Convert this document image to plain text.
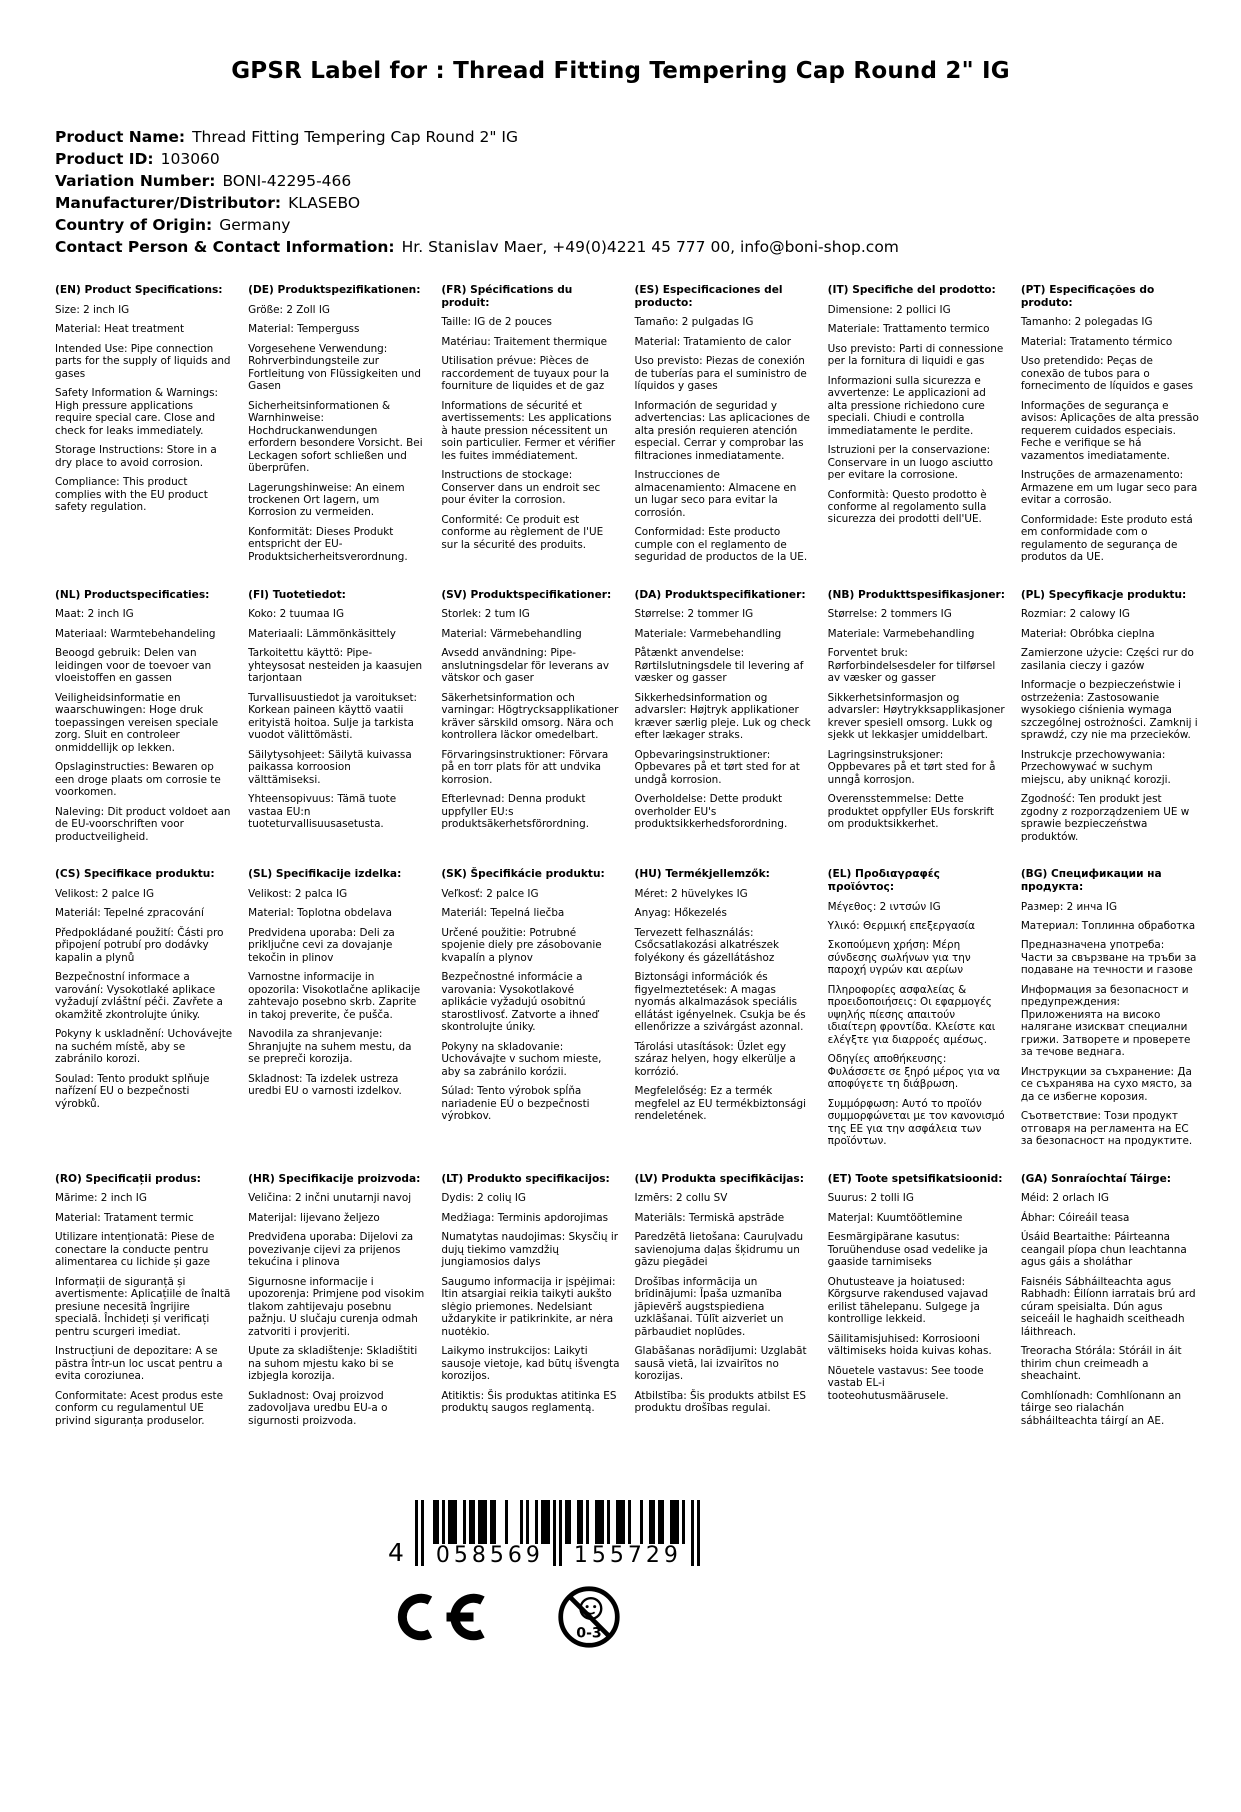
GPSR Label for : Thread Fitting Tempering Cap Round 2" IG
Product Name: Thread Fitting Tempering Cap Round 2" IG
Product ID: 103060
Variation Number: BONI-42295-466
Manufacturer/Distributor: KLASEBO
Country of Origin: Germany
Contact Person & Contact Information: Hr. Stanislav Maer, +49(0)4221 45 777 00, info@boni-shop.com

(EN) Product Specifications:

Size: 2 inch IG

Material: Heat treatment

Intended Use: Pipe connection parts for the supply of liquids and gases

Safety Information & Warnings: High pressure applications require special care. Close and check for leaks immediately.

Storage Instructions: Store in a dry place to avoid corrosion.

Compliance: This product complies with the EU product safety regulation.

(DE) Produktspezifikationen:

Größe: 2 Zoll IG

Material: Temperguss

Vorgesehene Verwendung: Rohrverbindungsteile zur Fortleitung von Flüssigkeiten und Gasen

Sicherheitsinformationen & Warnhinweise: Hochdruckanwendungen erfordern besondere Vorsicht. Bei Leckagen sofort schließen und überprüfen.

Lagerungshinweise: An einem trockenen Ort lagern, um Korrosion zu vermeiden.

Konformität: Dieses Produkt entspricht der EU-Produktsicherheitsverordnung.

(FR) Spécifications du produit:

Taille: IG de 2 pouces

Matériau: Traitement thermique

Utilisation prévue: Pièces de raccordement de tuyaux pour la fourniture de liquides et de gaz

Informations de sécurité et avertissements: Les applications à haute pression nécessitent un soin particulier. Fermer et vérifier les fuites immédiatement.

Instructions de stockage: Conserver dans un endroit sec pour éviter la corrosion.

Conformité: Ce produit est conforme au règlement de l'UE sur la sécurité des produits.

(ES) Especificaciones del producto:

Tamaño: 2 pulgadas IG

Material: Tratamiento de calor

Uso previsto: Piezas de conexión de tuberías para el suministro de líquidos y gases

Información de seguridad y advertencias: Las aplicaciones de alta presión requieren atención especial. Cerrar y comprobar las filtraciones inmediatamente.

Instrucciones de almacenamiento: Almacene en un lugar seco para evitar la corrosión.

Conformidad: Este producto cumple con el reglamento de seguridad de productos de la UE.

(IT) Specifiche del prodotto:

Dimensione: 2 pollici IG

Materiale: Trattamento termico

Uso previsto: Parti di connessione per la fornitura di liquidi e gas

Informazioni sulla sicurezza e avvertenze: Le applicazioni ad alta pressione richiedono cure speciali. Chiudi e controlla immediatamente le perdite.

Istruzioni per la conservazione: Conservare in un luogo asciutto per evitare la corrosione.

Conformità: Questo prodotto è conforme al regolamento sulla sicurezza dei prodotti dell'UE.

(PT) Especificações do produto:

Tamanho: 2 polegadas IG

Material: Tratamento térmico

Uso pretendido: Peças de conexão de tubos para o fornecimento de líquidos e gases

Informações de segurança e avisos: Aplicações de alta pressão requerem cuidados especiais. Feche e verifique se há vazamentos imediatamente.

Instruções de armazenamento: Armazene em um lugar seco para evitar a corrosão.

Conformidade: Este produto está em conformidade com o regulamento de segurança de produtos da UE.

(NL) Productspecificaties:

Maat: 2 inch IG

Materiaal: Warmtebehandeling

Beoogd gebruik: Delen van leidingen voor de toevoer van vloeistoffen en gassen

Veiligheidsinformatie en waarschuwingen: Hoge druk toepassingen vereisen speciale zorg. Sluit en controleer onmiddellijk op lekken.

Opslaginstructies: Bewaren op een droge plaats om corrosie te voorkomen.

Naleving: Dit product voldoet aan de EU-voorschriften voor productveiligheid.

(FI) Tuotetiedot:

Koko: 2 tuumaa IG

Materiaali: Lämmönkäsittely

Tarkoitettu käyttö: Pipe-yhteysosat nesteiden ja kaasujen tarjontaan

Turvallisuustiedot ja varoitukset: Korkean paineen käyttö vaatii erityistä hoitoa. Sulje ja tarkista vuodot välittömästi.

Säilytysohjeet: Säilytä kuivassa paikassa korroosion välttämiseksi.

Yhteensopivuus: Tämä tuote vastaa EU:n tuoteturvallisuusasetusta.

(SV) Produktspecifikationer:

Storlek: 2 tum IG

Material: Värmebehandling

Avsedd användning: Pipe-anslutningsdelar för leverans av vätskor och gaser

Säkerhetsinformation och varningar: Högtrycksapplikationer kräver särskild omsorg. Nära och kontrollera läckor omedelbart.

Förvaringsinstruktioner: Förvara på en torr plats för att undvika korrosion.

Efterlevnad: Denna produkt uppfyller EU:s produktsäkerhetsförordning.

(DA) Produktspecifikationer:

Størrelse: 2 tommer IG

Materiale: Varmebehandling

Påtænkt anvendelse: Rørtilslutningsdele til levering af væsker og gasser

Sikkerhedsinformation og advarsler: Højtryk applikationer kræver særlig pleje. Luk og check efter lækager straks.

Opbevaringsinstruktioner: Opbevares på et tørt sted for at undgå korrosion.

Overholdelse: Dette produkt overholder EU's produktsikkerhedsforordning.

(NB) Produkttspesifikasjoner:

Størrelse: 2 tommers IG

Materiale: Varmebehandling

Forventet bruk: Rørforbindelsesdeler for tilførsel av væsker og gasser

Sikkerhetsinformasjon og advarsler: Høytrykksapplikasjoner krever spesiell omsorg. Lukk og sjekk ut lekkasjer umiddelbart.

Lagringsinstruksjoner: Oppbevares på et tørt sted for å unngå korrosjon.

Overensstemmelse: Dette produktet oppfyller EUs forskrift om produktsikkerhet.

(PL) Specyfikacje produktu:

Rozmiar: 2 calowy IG

Materiał: Obróbka cieplna

Zamierzone użycie: Części rur do zasilania cieczy i gazów

Informacje o bezpieczeństwie i ostrzeżenia: Zastosowanie wysokiego ciśnienia wymaga szczególnej ostrożności. Zamknij i sprawdź, czy nie ma przecieków.

Instrukcje przechowywania: Przechowywać w suchym miejscu, aby uniknąć korozji.

Zgodność: Ten produkt jest zgodny z rozporządzeniem UE w sprawie bezpieczeństwa produktów.

(CS) Specifikace produktu:

Velikost: 2 palce IG

Materiál: Tepelné zpracování

Předpokládané použití: Části pro připojení potrubí pro dodávky kapalin a plynů

Bezpečnostní informace a varování: Vysokotlaké aplikace vyžadují zvláštní péči. Zavřete a okamžitě zkontrolujte úniky.

Pokyny k uskladnění: Uchovávejte na suchém místě, aby se zabránilo korozi.

Soulad: Tento produkt splňuje nařízení EU o bezpečnosti výrobků.

(SL) Specifikacije izdelka:

Velikost: 2 palca IG

Material: Toplotna obdelava

Predvidena uporaba: Deli za priključne cevi za dovajanje tekočin in plinov

Varnostne informacije in opozorila: Visokotlačne aplikacije zahtevajo posebno skrb. Zaprite in takoj preverite, če pušča.

Navodila za shranjevanje: Shranjujte na suhem mestu, da se prepreči korozija.

Skladnost: Ta izdelek ustreza uredbi EU o varnosti izdelkov.

(SK) Špecifikácie produktu:

Veľkosť: 2 palce IG

Materiál: Tepelná liečba

Určené použitie: Potrubné spojenie diely pre zásobovanie kvapalín a plynov

Bezpečnostné informácie a varovania: Vysokotlakové aplikácie vyžadujú osobitnú starostlivosť. Zatvorte a ihneď skontrolujte úniky.

Pokyny na skladovanie: Uchovávajte v suchom mieste, aby sa zabránilo korózii.

Súlad: Tento výrobok spĺňa nariadenie EÚ o bezpečnosti výrobkov.

(HU) Termékjellemzők:

Méret: 2 hüvelykes IG

Anyag: Hőkezelés

Tervezett felhasználás: Csőcsatlakozási alkatrészek folyékony és gázellátáshoz

Biztonsági információk és figyelmeztetések: A magas nyomás alkalmazások speciális ellátást igényelnek. Csukja be és ellenőrizze a szivárgást azonnal.

Tárolási utasítások: Üzlet egy száraz helyen, hogy elkerülje a korrózió.

Megfelelőség: Ez a termék megfelel az EU termékbiztonsági rendeletének.

(EL) Προδιαγραφές προϊόντος:

Μέγεθος: 2 ιντσών IG

Υλικό: Θερμική επεξεργασία

Σκοπούμενη χρήση: Μέρη σύνδεσης σωλήνων για την παροχή υγρών και αερίων

Πληροφορίες ασφαλείας & προειδοποιήσεις: Οι εφαρμογές υψηλής πίεσης απαιτούν ιδιαίτερη φροντίδα. Κλείστε και ελέγξτε για διαρροές αμέσως.

Οδηγίες αποθήκευσης: Φυλάσσετε σε ξηρό μέρος για να αποφύγετε τη διάβρωση.

Συμμόρφωση: Αυτό το προϊόν συμμορφώνεται με τον κανονισμό της ΕΕ για την ασφάλεια των προϊόντων.

(BG) Спецификации на продукта:

Размер: 2 инча IG

Материал: Топлинна обработка

Предназначена употреба: Части за свързване на тръби за подаване на течности и газове

Информация за безопасност и предупреждения: Приложенията на високо налягане изискват специални грижи. Затворете и проверете за течове веднага.

Инструкции за съхранение: Да се съхранява на сухо място, за да се избегне корозия.

Съответствие: Този продукт отговаря на регламента на ЕС за безопасност на продуктите.

(RO) Specificații produs:

Mărime: 2 inch IG

Material: Tratament termic

Utilizare intenționată: Piese de conectare la conducte pentru alimentarea cu lichide și gaze

Informații de siguranță și avertismente: Aplicațiile de înaltă presiune necesită îngrijire specială. Închideți și verificați pentru scurgeri imediat.

Instrucțiuni de depozitare: A se păstra într-un loc uscat pentru a evita coroziunea.

Conformitate: Acest produs este conform cu regulamentul UE privind siguranța produselor.

(HR) Specifikacije proizvoda:

Veličina: 2 inčni unutarnji navoj

Materijal: lijevano željezo

Predviđena uporaba: Dijelovi za povezivanje cijevi za prijenos tekućina i plinova

Sigurnosne informacije i upozorenja: Primjene pod visokim tlakom zahtijevaju posebnu pažnju. U slučaju curenja odmah zatvoriti i provjeriti.

Upute za skladištenje: Skladištiti na suhom mjestu kako bi se izbjegla korozija.

Sukladnost: Ovaj proizvod zadovoljava uredbu EU-a o sigurnosti proizvoda.

(LT) Produkto specifikacijos:

Dydis: 2 colių IG

Medžiaga: Terminis apdorojimas

Numatytas naudojimas: Skysčių ir dujų tiekimo vamzdžių jungiamosios dalys

Saugumo informacija ir įspėjimai: Itin atsargiai reikia taikyti aukšto slėgio priemones. Nedelsiant uždarykite ir patikrinkite, ar nėra nuotėkio.

Laikymo instrukcijos: Laikyti sausoje vietoje, kad būtų išvengta korozijos.

Atitiktis: Šis produktas atitinka ES produktų saugos reglamentą.

(LV) Produkta specifikācijas:

Izmērs: 2 collu SV

Materiāls: Termiskā apstrāde

Paredzētā lietošana: Cauruļvadu savienojuma daļas šķidrumu un gāzu piegādei

Drošības informācija un brīdinājumi: Īpaša uzmanība jāpievērš augstspiediena uzklāšanai. Tūlīt aizveriet un pārbaudiet noplūdes.

Glabāšanas norādījumi: Uzglabāt sausā vietā, lai izvairītos no korozijas.

Atbilstība: Šis produkts atbilst ES produktu drošības regulai.

(ET) Toote spetsifikatsioonid:

Suurus: 2 tolli IG

Materjal: Kuumtöötlemine

Eesmärgipärane kasutus: Toruühenduse osad vedelike ja gaaside tarnimiseks

Ohutusteave ja hoiatused: Kõrgsurve rakendused vajavad erilist tähelepanu. Sulgege ja kontrollige lekkeid.

Säilitamisjuhised: Korrosiooni vältimiseks hoida kuivas kohas.

Nõuetele vastavus: See toode vastab EL-i tooteohutusmäärusele.

(GA) Sonraíochtaí Táirge:

Méid: 2 orlach IG

Ábhar: Cóireáil teasa

Úsáid Beartaithe: Páirteanna ceangail píopa chun leachtanna agus gáis a sholáthar

Faisnéis Sábháilteachta agus Rabhadh: Éilíonn iarratais brú ard cúram speisialta. Dún agus seiceáil le haghaidh sceitheadh láithreach.

Treoracha Stórála: Stóráil in áit thirim chun creimeadh a sheachaint.

Comhlíonadh: Comhlíonann an táirge seo rialachán sábháilteachta táirgí an AE.

4	058569	155729
0-3
